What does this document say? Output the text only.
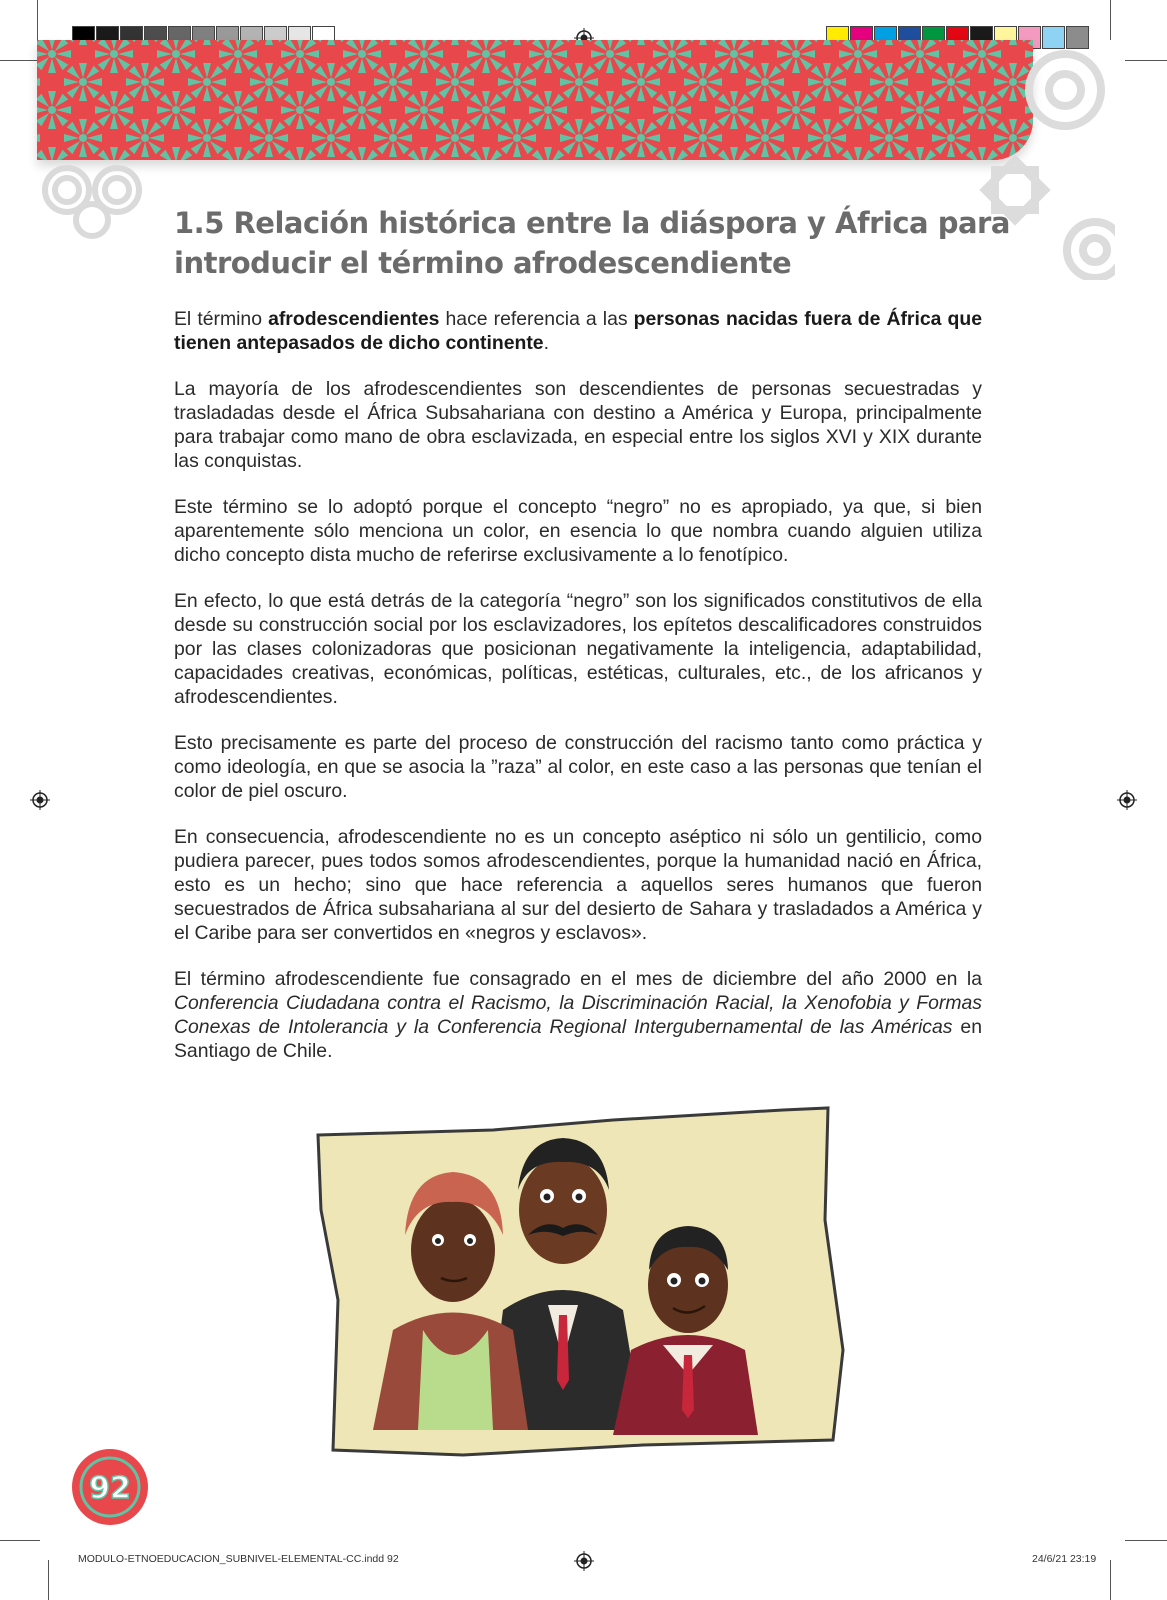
1.5 Relación histórica entre la diáspora y África para introducir el término afrodescendiente

El término afrodescendientes hace referencia a las personas nacidas fuera de África que tienen antepasados de dicho continente.

La mayoría de los afrodescendientes son descendientes de personas secuestradas y trasladadas desde el África Subsahariana con destino a América y Europa, principalmente para trabajar como mano de obra esclavizada, en especial entre los siglos XVI y XIX durante las conquistas.

Este término se lo adoptó porque el concepto “negro” no es apropiado, ya que, si bien aparentemente sólo menciona un color, en esencia lo que nombra cuando alguien utiliza dicho concepto dista mucho de referirse exclusivamente a lo fenotípico.

En efecto, lo que está detrás de la categoría “negro” son los significados constitutivos de ella desde su construcción social por los esclavizadores, los epítetos descalificadores construidos por las clases colonizadoras que posicionan negativamente la inteligencia, adaptabilidad, capacidades creativas, económicas, políticas, estéticas, culturales, etc., de los africanos y afrodescendientes.

Esto precisamente es parte del proceso de construcción del racismo tanto como práctica y como ideología, en que se asocia la ”raza” al color, en este caso a las personas que tenían el color de piel oscuro.

En consecuencia, afrodescendiente no es un concepto aséptico ni sólo un gentilicio, como pudiera parecer, pues todos somos afrodescendientes, porque la humanidad nació en África, esto es un hecho; sino que hace referencia a aquellos seres humanos que fueron secuestrados de África subsahariana al sur del desierto de Sahara y trasladados a América y el Caribe para ser convertidos en «negros y esclavos».

El término afrodescendiente fue consagrado en el mes de diciembre del año 2000 en la Conferencia Ciudadana contra el Racismo, la Discriminación Racial, la Xenofobia y Formas Conexas de Intolerancia y la Conferencia Regional Intergubernamental de las Américas en Santiago de Chile.

92
MODULO-ETNOEDUCACION_SUBNIVEL-ELEMENTAL-CC.indd 92	24/6/21 23:19
